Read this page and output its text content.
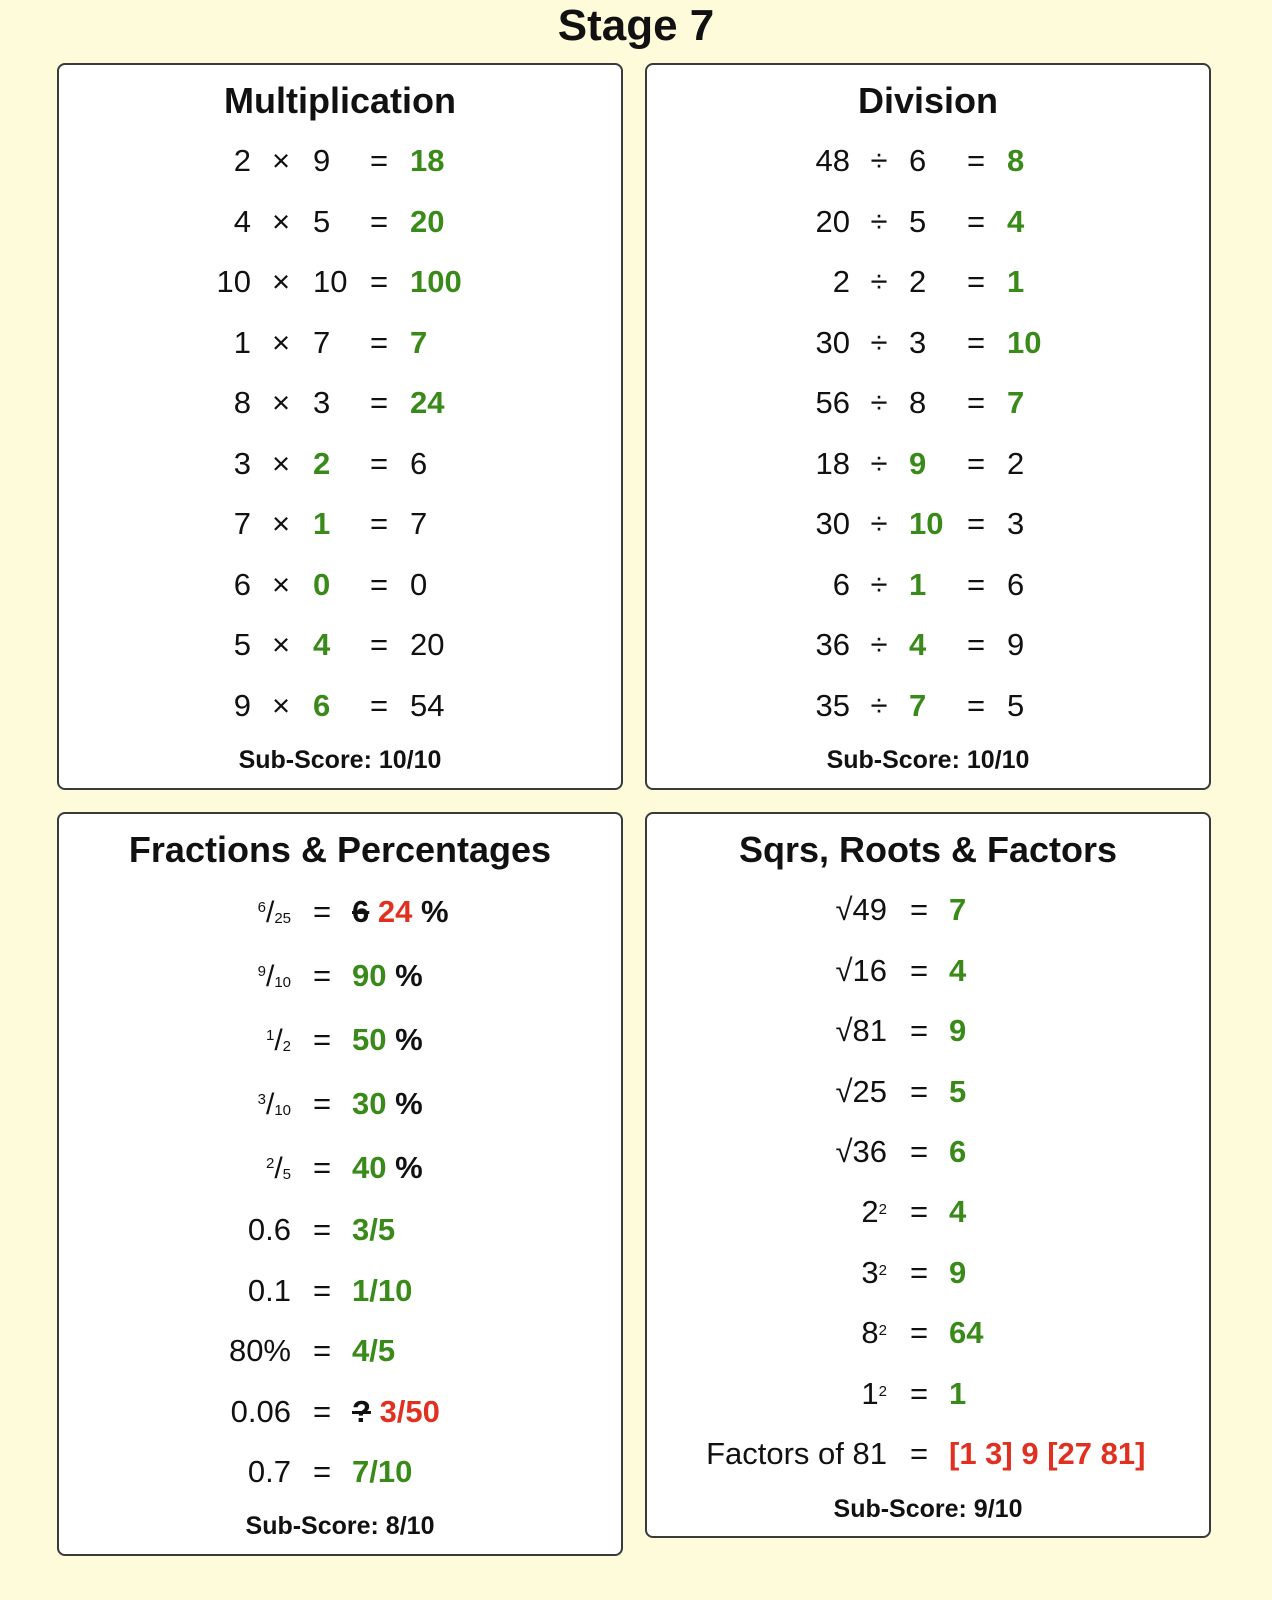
Stage 7
Multiplication
2 × 9 = 18
4 × 5 = 20
10 × 10 = 100
1 × 7 = 7
8 × 3 = 24
3 × 2 = 6
7 × 1 = 7
6 × 0 = 0
5 × 4 = 20
9 × 6 = 54
Sub-Score: 10/10
Division
48 ÷ 6 = 8
20 ÷ 5 = 4
2 ÷ 2 = 1
30 ÷ 3 = 10
56 ÷ 8 = 7
18 ÷ 9 = 2
30 ÷ 10 = 3
6 ÷ 1 = 6
36 ÷ 4 = 9
35 ÷ 7 = 5
Sub-Score: 10/10
Fractions & Percentages
$^6/_{25} = 6$ 24 %
$^9/_{10} = 90$ %
$^1/_2 = 50$ %
$^3/_{10} = 30$ %
$^2/_5 = 40$ %
0.6 = 3/5
0.1 = 1/10
80% = 4/5
0.06 = ? 3/50
0.7 = 7/10
Sub-Score: 8/10
Sqrs, Roots & Factors
√49 = 7
√16 = 4
√81 = 9
√25 = 5
√36 = 6
$2^2 = 4$
$3^2 = 9$
$8^2 = 64$
$1^2 = 1$
Factors of 81 = [1 3] 9 [27 81]
Sub-Score: 9/10
